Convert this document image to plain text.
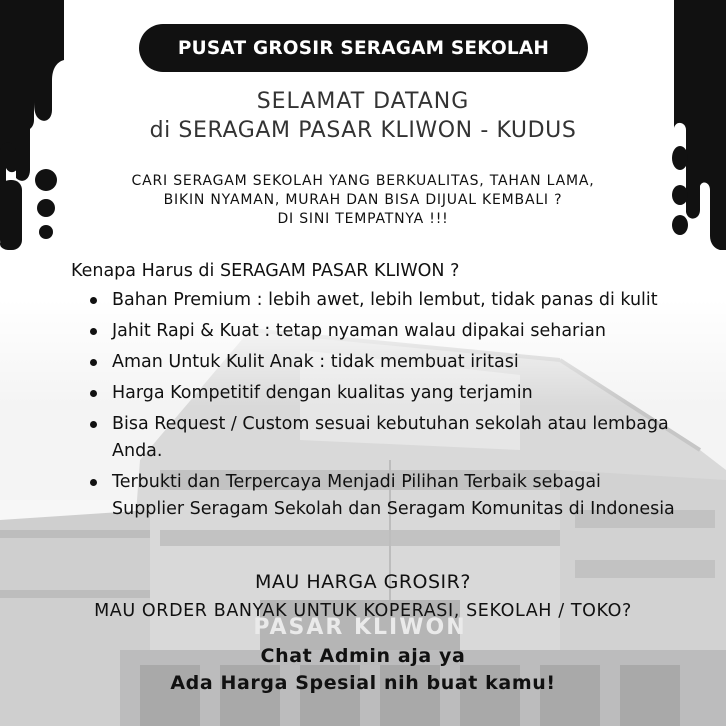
PUSAT GROSIR SERAGAM SEKOLAH
SELAMAT DATANG
di SERAGAM PASAR KLIWON - KUDUS
CARI SERAGAM SEKOLAH YANG BERKUALITAS, TAHAN LAMA,
BIKIN NYAMAN, MURAH DAN BISA DIJUAL KEMBALI ?
DI SINI TEMPATNYA !!!
Kenapa Harus di SERAGAM PASAR KLIWON ?
Bahan Premium : lebih awet, lebih lembut, tidak panas di kulit
Jahit Rapi & Kuat : tetap nyaman walau dipakai seharian
Aman Untuk Kulit Anak : tidak membuat iritasi
Harga Kompetitif dengan kualitas yang terjamin
Bisa Request / Custom sesuai kebutuhan sekolah atau lembaga Anda.
Terbukti dan Terpercaya Menjadi Pilihan Terbaik sebagai Supplier Seragam Sekolah dan Seragam Komunitas di Indonesia
MAU HARGA GROSIR?
MAU ORDER BANYAK UNTUK KOPERASI, SEKOLAH / TOKO?
Chat Admin aja ya
Ada Harga Spesial nih buat kamu!
